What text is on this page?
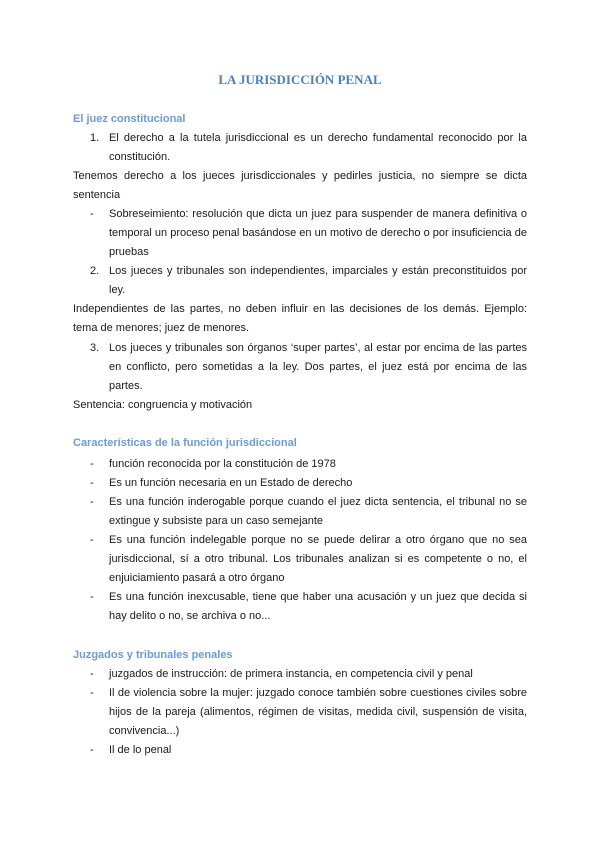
LA JURISDICCIÓN PENAL
El juez constitucional
1. El derecho a la tutela jurisdiccional es un derecho fundamental reconocido por la constitución.
Tenemos derecho a los jueces jurisdiccionales y pedirles justicia, no siempre se dicta sentencia
- Sobreseimiento: resolución que dicta un juez para suspender de manera definitiva o temporal un proceso penal basándose en un motivo de derecho o por insuficiencia de pruebas
2. Los jueces y tribunales son independientes, imparciales y están preconstituidos por ley.
Independientes de las partes, no deben influir en las decisiones de los demás. Ejemplo: tema de menores; juez de menores.
3. Los jueces y tribunales son órganos ‘super partes’, al estar por encima de las partes en conflicto, pero sometidas a la ley. Dos partes, el juez está por encima de las partes.
Sentencia: congruencia y motivación
Características de la función jurisdiccional
- función reconocida por la constitución de 1978
- Es un función necesaria en un Estado de derecho
- Es una función inderogable porque cuando el juez dicta sentencia, el tribunal no se extingue y subsiste para un caso semejante
- Es una función indelegable porque no se puede delirar a otro órgano que no sea jurisdiccional, sí a otro tribunal. Los tribunales analizan si es competente o no, el enjuiciamiento pasará a otro órgano
- Es una función inexcusable, tiene que haber una acusación y un juez que decida si hay delito o no, se archiva o no...
Juzgados y tribunales penales
- juzgados de instrucción: de primera instancia, en competencia civil y penal
- Il de violencia sobre la mujer: juzgado conoce también sobre cuestiones civiles sobre hijos de la pareja (alimentos, régimen de visitas, medida civil, suspensión de visita, convivencia...)
- Il de lo penal
